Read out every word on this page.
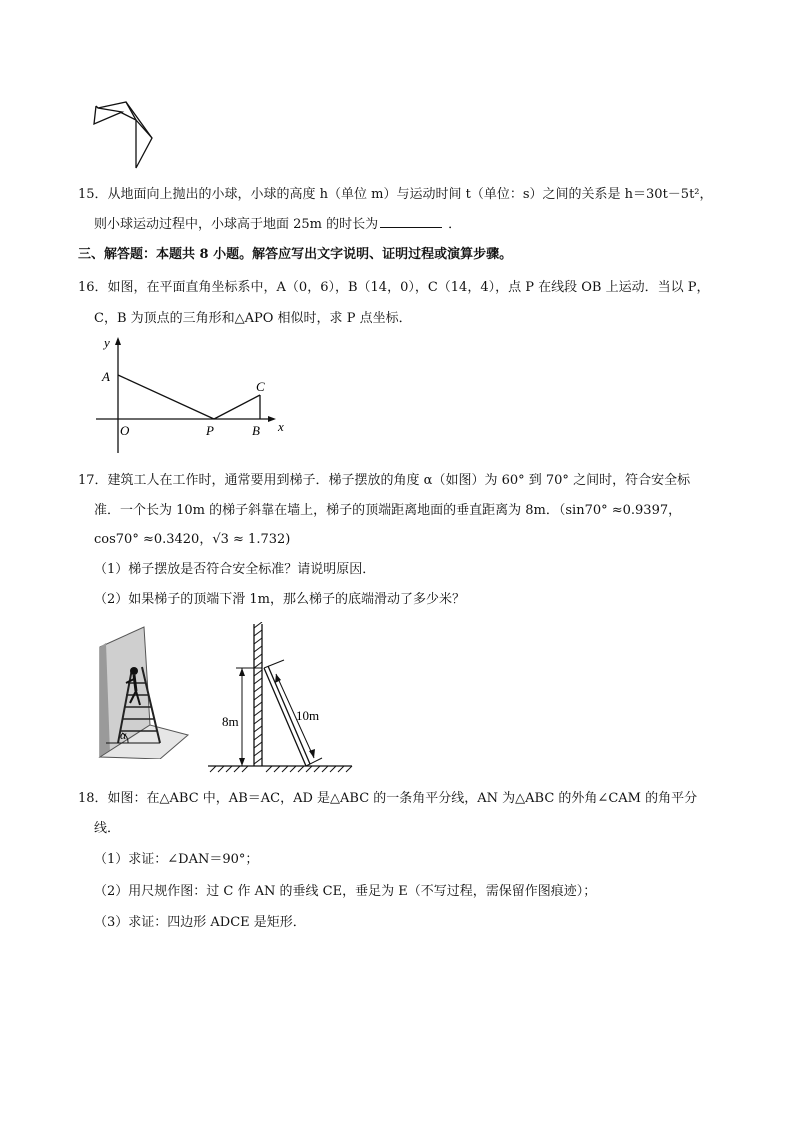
15．从地面向上抛出的小球，小球的高度 h（单位 m）与运动时间 t（单位：s）之间的关系是 h＝30t－5t²，
则小球运动过程中，小球高于地面 25m 的时长为	．
三、解答题：本题共 8 小题。解答应写出文字说明、证明过程或演算步骤。
16．如图，在平面直角坐标系中，A（0，6），B（14，0），C（14，4），点 P 在线段 OB 上运动．当以 P，
C，B 为顶点的三角形和△APO 相似时，求 P 点坐标．
y
x
A
O	P	B
C
17．建筑工人在工作时，通常要用到梯子．梯子摆放的角度 α（如图）为 60° 到 70° 之间时，符合安全标
准．一个长为 10m 的梯子斜靠在墙上，梯子的顶端距离地面的垂直距离为 8m．（sin70° ≈0.9397，
cos70° ≈0.3420，√3 ≈ 1.732)
（1）梯子摆放是否符合安全标准？请说明原因．
（2）如果梯子的顶端下滑 1m，那么梯子的底端滑动了多少米？
α
8m	10m
18．如图：在△ABC 中，AB＝AC，AD 是△ABC 的一条角平分线，AN 为△ABC 的外角∠CAM 的角平分
线．
（1）求证：∠DAN＝90°；
（2）用尺规作图：过 C 作 AN 的垂线 CE，垂足为 E（不写过程，需保留作图痕迹）；
（3）求证：四边形 ADCE 是矩形．
